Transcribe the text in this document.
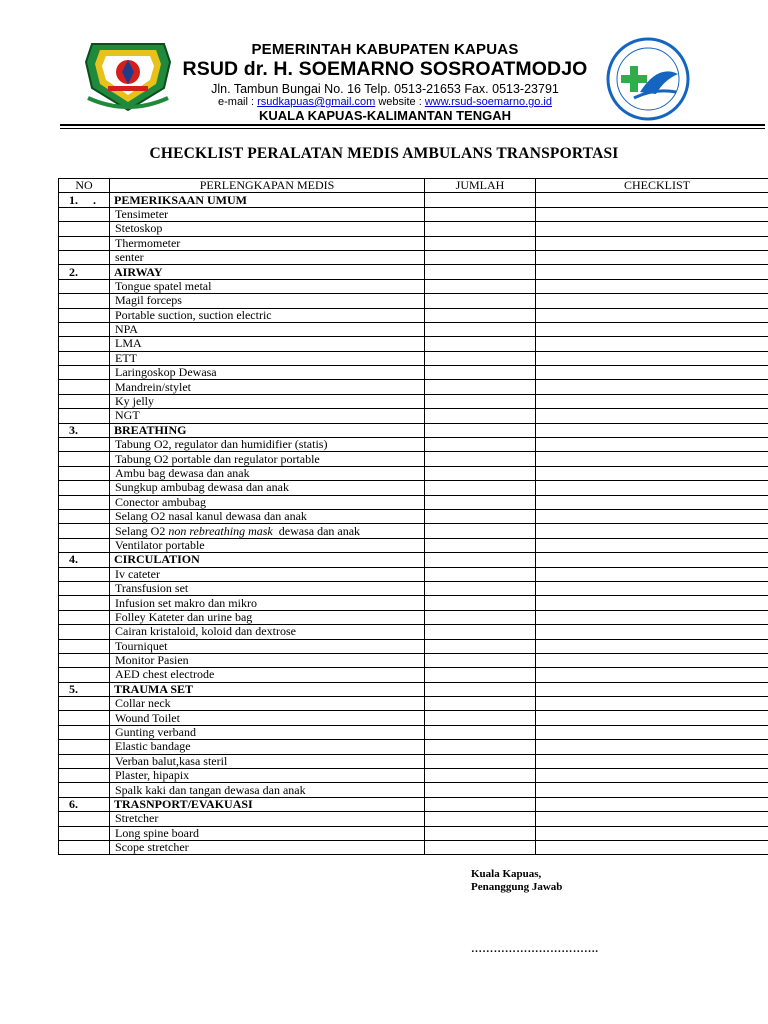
PEMERINTAH KABUPATEN KAPUAS
RSUD dr. H. SOEMARNO SOSROATMODJO
Jln. Tambun Bungai No. 16 Telp. 0513-21653 Fax. 0513-23791
e-mail : rsudkapuas@gmail.com website : www.rsud-soemarno.go.id
KUALA KAPUAS-KALIMANTAN TENGAH
CHECKLIST PERALATAN MEDIS AMBULANS TRANSPORTASI
NO	PERLENGKAPAN MEDIS	JUMLAH	CHECKLIST
1.     .	PEMERIKSAAN UMUM		
	Tensimeter		
	Stetoskop		
	Thermometer		
	senter		
2.	AIRWAY		
	Tongue spatel metal		
	Magil forceps		
	Portable suction, suction electric		
	NPA		
	LMA		
	ETT		
	Laringoskop Dewasa		
	Mandrein/stylet		
	Ky jelly		
	NGT		
3.	BREATHING		
	Tabung O2, regulator dan humidifier (statis)		
	Tabung O2 portable dan regulator portable		
	Ambu bag dewasa dan anak		
	Sungkup ambubag dewasa dan anak		
	Conector ambubag		
	Selang O2 nasal kanul dewasa dan anak		
	Selang O2 non rebreathing mask  dewasa dan anak		
	Ventilator portable		
4.	CIRCULATION		
	Iv cateter		
	Transfusion set		
	Infusion set makro dan mikro		
	Folley Kateter dan urine bag		
	Cairan kristaloid, koloid dan dextrose		
	Tourniquet		
	Monitor Pasien		
	AED chest electrode		
5.	TRAUMA SET		
	Collar neck		
	Wound Toilet		
	Gunting verband		
	Elastic bandage		
	Verban balut,kasa steril		
	Plaster, hipapix		
	Spalk kaki dan tangan dewasa dan anak		
6.	TRASNPORT/EVAKUASI		
	Stretcher		
	Long spine board		
	Scope stretcher		
Kuala Kapuas,
Penanggung Jawab
…………………………….
